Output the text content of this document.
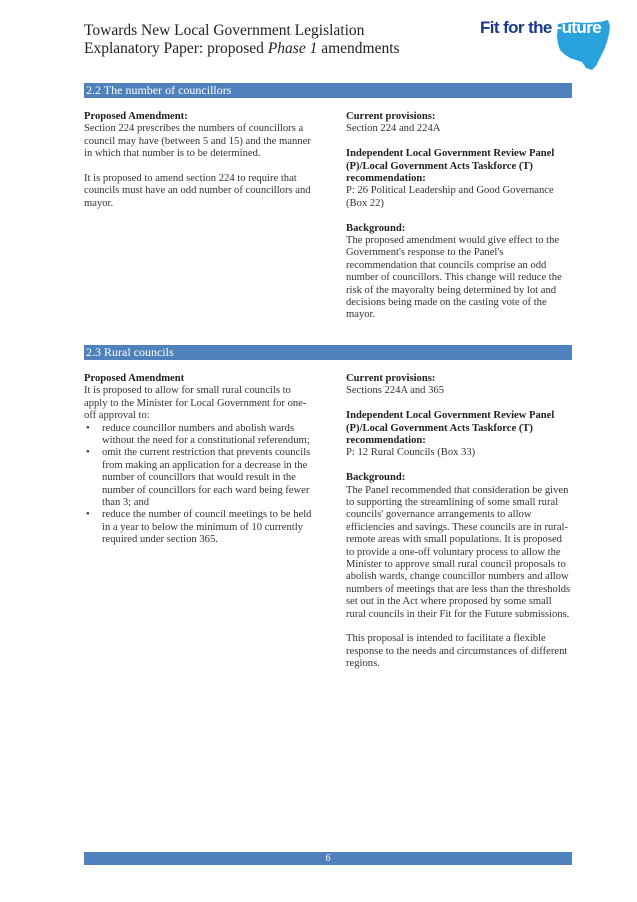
Towards New Local Government Legislation
Explanatory Paper: proposed Phase 1 amendments
Fit for theFuture
2.2 The number of councillors

Proposed Amendment:

Section 224 prescribes the numbers of councillors a council may have (between 5 and 15) and the manner in which that number is to be determined.

It is proposed to amend section 224 to require that councils must have an odd number of councillors and mayor.

Current provisions:

Section 224 and 224A

Independent Local Government Review Panel (P)/Local Government Acts Taskforce (T) recommendation:

P: 26 Political Leadership and Good Governance (Box 22)

Background:

The proposed amendment would give effect to the Government's response to the Panel's recommendation that councils comprise an odd number of councillors. This change will reduce the risk of the mayoralty being determined by lot and decisions being made on the casting vote of the mayor.

2.3 Rural councils

Proposed Amendment

It is proposed to allow for small rural councils to apply to the Minister for Local Government for one-off approval to:

• reduce councillor numbers and abolish wards without the need for a constitutional referendum;
• omit the current restriction that prevents councils from making an application for a decrease in the number of councillors that would result in the number of councillors for each ward being fewer than 3; and
• reduce the number of council meetings to be held in a year to below the minimum of 10 currently required under section 365.

Current provisions:

Sections 224A and 365

Independent Local Government Review Panel (P)/Local Government Acts Taskforce (T) recommendation:

P: 12 Rural Councils (Box 33)

Background:

The Panel recommended that consideration be given to supporting the streamlining of some small rural councils' governance arrangements to allow efficiencies and savings. These councils are in rural-remote areas with small populations. It is proposed to provide a one-off voluntary process to allow the Minister to approve small rural council proposals to abolish wards, change councillor numbers and allow numbers of meetings that are less than the thresholds set out in the Act where proposed by some small rural councils in their Fit for the Future submissions.

This proposal is intended to facilitate a flexible response to the needs and circumstances of different regions.

6
